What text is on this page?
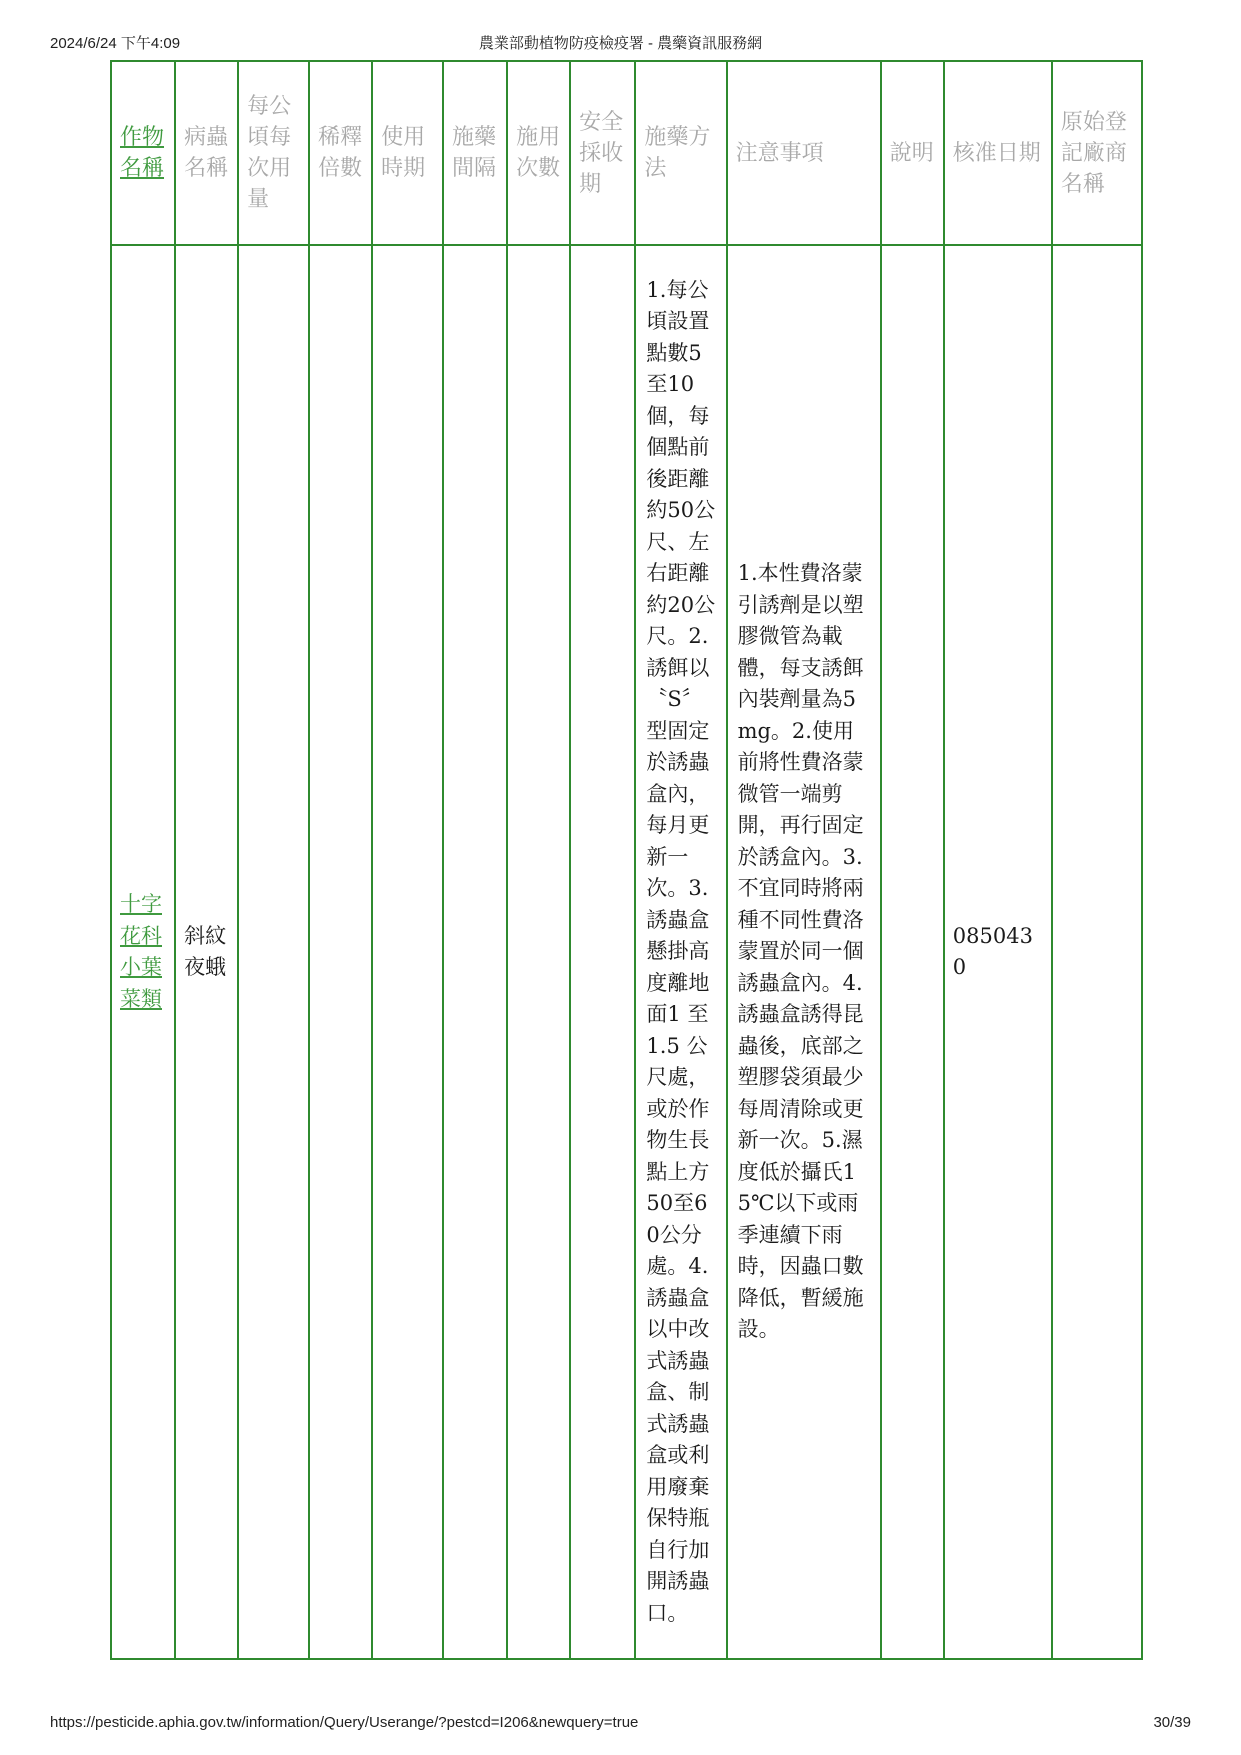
2024/6/24 下午4:09	農業部動植物防疫檢疫署 - 農藥資訊服務網
作物名稱	病蟲名稱	每公頃每次用量	稀釋倍數	使用時期	施藥間隔	施用次數	安全採收期	施藥方法	注意事項	說明	核准日期	原始登記廠商名稱
十字花科小葉菜類	斜紋夜蛾							1.每公頃設置點數5至10個，每個點前後距離約50公尺、左右距離約20公尺。2.誘餌以〝S〞型固定於誘蟲盒內，每月更新一次。3.誘蟲盒懸掛高度離地面1 至1.5 公尺處，或於作物生長點上方50至60公分處。4.誘蟲盒以中改式誘蟲盒、制式誘蟲盒或利用廢棄保特瓶自行加開誘蟲口。	1.本性費洛蒙引誘劑是以塑膠微管為載體，每支誘餌內裝劑量為5mg。2.使用前將性費洛蒙微管一端剪開，再行固定於誘盒內。3.不宜同時將兩種不同性費洛蒙置於同一個誘蟲盒內。4.誘蟲盒誘得昆蟲後，底部之塑膠袋須最少每周清除或更新一次。5.濕度低於攝氏15℃以下或雨季連續下雨時，因蟲口數降低，暫緩施設。		0850430	
https://pesticide.aphia.gov.tw/information/Query/Userange/?pestcd=I206&newquery=true	30/39
